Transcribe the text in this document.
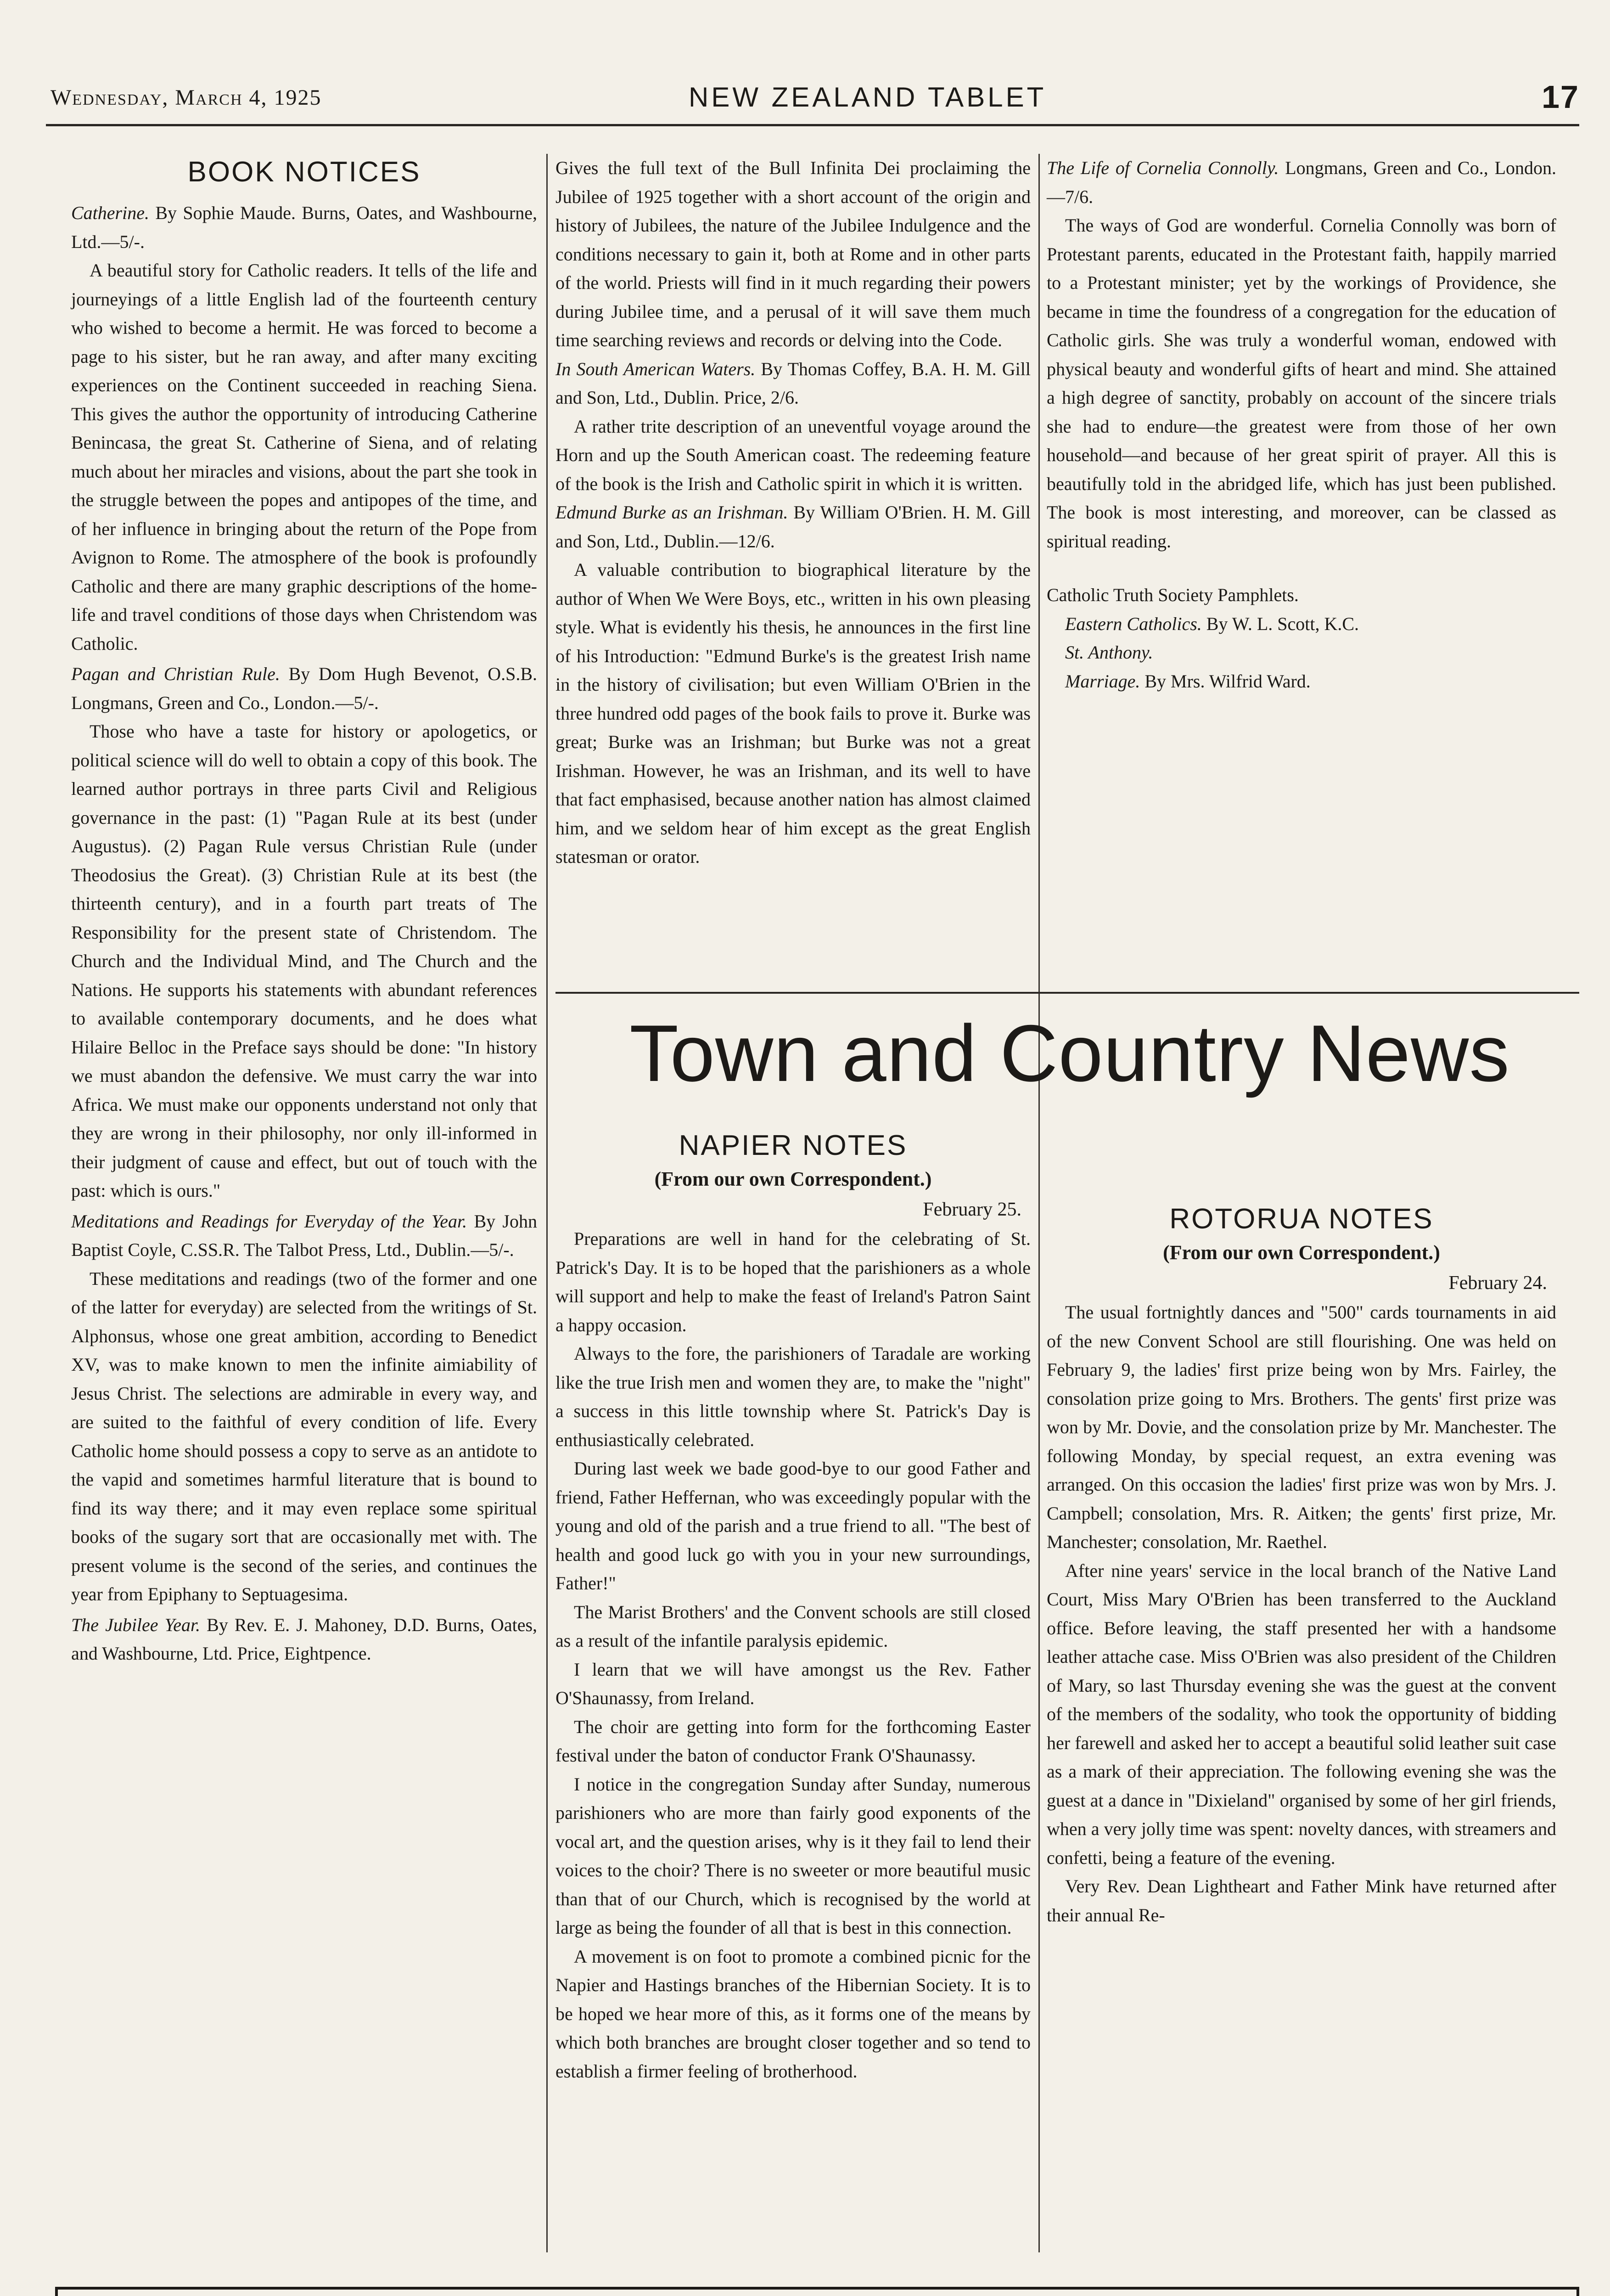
Wednesday, March 4, 1925	NEW ZEALAND TABLET	17
BOOK NOTICES
Catherine. By Sophie Maude. Burns, Oates, and Washbourne, Ltd.—5/-.

A beautiful story for Catholic readers. It tells of the life and journeyings of a little English lad of the fourteenth century who wished to become a hermit. He was forced to become a page to his sister, but he ran away, and after many exciting experiences on the Continent succeeded in reaching Siena. This gives the author the opportunity of introducing Catherine Benincasa, the great St. Catherine of Siena, and of relating much about her miracles and visions, about the part she took in the struggle between the popes and antipopes of the time, and of her influence in bringing about the return of the Pope from Avignon to Rome. The atmosphere of the book is profoundly Catholic and there are many graphic descriptions of the home-life and travel conditions of those days when Christendom was Catholic.

Pagan and Christian Rule. By Dom Hugh Bevenot, O.S.B. Longmans, Green and Co., London.—5/-.

Those who have a taste for history or apologetics, or political science will do well to obtain a copy of this book. The learned author portrays in three parts Civil and Religious governance in the past: (1) "Pagan Rule at its best (under Augustus). (2) Pagan Rule versus Christian Rule (under Theodosius the Great). (3) Christian Rule at its best (the thirteenth century), and in a fourth part treats of The Responsibility for the present state of Christendom. The Church and the Individual Mind, and The Church and the Nations. He supports his statements with abundant references to available contemporary documents, and he does what Hilaire Belloc in the Preface says should be done: "In history we must abandon the defensive. We must carry the war into Africa. We must make our opponents understand not only that they are wrong in their philosophy, nor only ill-informed in their judgment of cause and effect, but out of touch with the past: which is ours."

Meditations and Readings for Everyday of the Year. By John Baptist Coyle, C.SS.R. The Talbot Press, Ltd., Dublin.—5/-.

These meditations and readings (two of the former and one of the latter for everyday) are selected from the writings of St. Alphonsus, whose one great ambition, according to Benedict XV, was to make known to men the infinite aimiability of Jesus Christ. The selections are admirable in every way, and are suited to the faithful of every condition of life. Every Catholic home should possess a copy to serve as an antidote to the vapid and sometimes harmful literature that is bound to find its way there; and it may even replace some spiritual books of the sugary sort that are occasionally met with. The present volume is the second of the series, and continues the year from Epiphany to Septuagesima.

The Jubilee Year. By Rev. E. J. Mahoney, D.D. Burns, Oates, and Washbourne, Ltd. Price, Eightpence.

Gives the full text of the Bull Infinita Dei proclaiming the Jubilee of 1925 together with a short account of the origin and history of Jubilees, the nature of the Jubilee Indulgence and the conditions necessary to gain it, both at Rome and in other parts of the world. Priests will find in it much regarding their powers during Jubilee time, and a perusal of it will save them much time searching reviews and records or delving into the Code.

In South American Waters. By Thomas Coffey, B.A. H. M. Gill and Son, Ltd., Dublin. Price, 2/6.

A rather trite description of an uneventful voyage around the Horn and up the South American coast. The redeeming feature of the book is the Irish and Catholic spirit in which it is written.

Edmund Burke as an Irishman. By William O'Brien. H. M. Gill and Son, Ltd., Dublin.—12/6.

A valuable contribution to biographical literature by the author of When We Were Boys, etc., written in his own pleasing style. What is evidently his thesis, he announces in the first line of his Introduction: "Edmund Burke's is the greatest Irish name in the history of civilisation; but even William O'Brien in the three hundred odd pages of the book fails to prove it. Burke was great; Burke was an Irishman; but Burke was not a great Irishman. However, he was an Irishman, and its well to have that fact emphasised, because another nation has almost claimed him, and we seldom hear of him except as the great English statesman or orator.

The Life of Cornelia Connolly. Longmans, Green and Co., London.—7/6.

The ways of God are wonderful. Cornelia Connolly was born of Protestant parents, educated in the Protestant faith, happily married to a Protestant minister; yet by the workings of Providence, she became in time the foundress of a congregation for the education of Catholic girls. She was truly a wonderful woman, endowed with physical beauty and wonderful gifts of heart and mind. She attained a high degree of sanctity, probably on account of the sincere trials she had to endure—the greatest were from those of her own household—and because of her great spirit of prayer. All this is beautifully told in the abridged life, which has just been published. The book is most interesting, and moreover, can be classed as spiritual reading.

Catholic Truth Society Pamphlets.
Eastern Catholics. By W. L. Scott, K.C.
St. Anthony.
Marriage. By Mrs. Wilfrid Ward.
Town and Country News
NAPIER NOTES
(From our own Correspondent.)
February 25.

Preparations are well in hand for the celebrating of St. Patrick's Day. It is to be hoped that the parishioners as a whole will support and help to make the feast of Ireland's Patron Saint a happy occasion.

Always to the fore, the parishioners of Taradale are working like the true Irish men and women they are, to make the "night" a success in this little township where St. Patrick's Day is enthusiastically celebrated.

During last week we bade good-bye to our good Father and friend, Father Heffernan, who was exceedingly popular with the young and old of the parish and a true friend to all. "The best of health and good luck go with you in your new surroundings, Father!"

The Marist Brothers' and the Convent schools are still closed as a result of the infantile paralysis epidemic.

I learn that we will have amongst us the Rev. Father O'Shaunassy, from Ireland.

The choir are getting into form for the forthcoming Easter festival under the baton of conductor Frank O'Shaunassy.

I notice in the congregation Sunday after Sunday, numerous parishioners who are more than fairly good exponents of the vocal art, and the question arises, why is it they fail to lend their voices to the choir? There is no sweeter or more beautiful music than that of our Church, which is recognised by the world at large as being the founder of all that is best in this connection.

A movement is on foot to promote a combined picnic for the Napier and Hastings branches of the Hibernian Society. It is to be hoped we hear more of this, as it forms one of the means by which both branches are brought closer together and so tend to establish a firmer feeling of brotherhood.

ROTORUA NOTES
(From our own Correspondent.)
February 24.

The usual fortnightly dances and "500" cards tournaments in aid of the new Convent School are still flourishing. One was held on February 9, the ladies' first prize being won by Mrs. Fairley, the consolation prize going to Mrs. Brothers. The gents' first prize was won by Mr. Dovie, and the consolation prize by Mr. Manchester. The following Monday, by special request, an extra evening was arranged. On this occasion the ladies' first prize was won by Mrs. J. Campbell; consolation, Mrs. R. Aitken; the gents' first prize, Mr. Manchester; consolation, Mr. Raethel.

After nine years' service in the local branch of the Native Land Court, Miss Mary O'Brien has been transferred to the Auckland office. Before leaving, the staff presented her with a handsome leather attache case. Miss O'Brien was also president of the Children of Mary, so last Thursday evening she was the guest at the convent of the members of the sodality, who took the opportunity of bidding her farewell and asked her to accept a beautiful solid leather suit case as a mark of their appreciation. The following evening she was the guest at a dance in "Dixieland" organised by some of her girl friends, when a very jolly time was spent: novelty dances, with streamers and confetti, being a feature of the evening.

Very Rev. Dean Lightheart and Father Mink have returned after their annual Re-
